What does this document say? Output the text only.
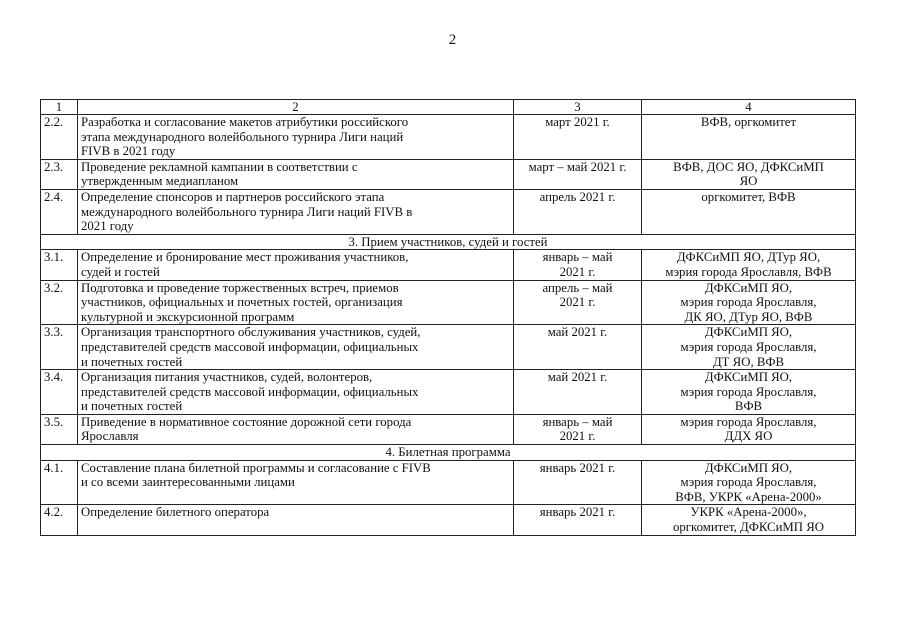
2
1	2	3	4
2.2.	Разработка и согласование макетов атрибутики российского
этапа международного волейбольного турнира Лиги наций
FIVB в 2021 году	март 2021 г.	ВФВ, оргкомитет
2.3.	Проведение рекламной кампании в соответствии с
утвержденным медиапланом	март – май 2021 г.	ВФВ, ДОС ЯО, ДФКСиМП
ЯО
2.4.	Определение спонсоров и партнеров российского этапа
международного волейбольного турнира Лиги наций FIVB в
2021 году	апрель 2021 г.	оргкомитет, ВФВ
3. Прием участников, судей и гостей			
3.1.	Определение и бронирование мест проживания участников,
судей и гостей	январь – май
2021 г.	ДФКСиМП ЯО, ДТур ЯО,
мэрия города Ярославля, ВФВ
3.2.	Подготовка и проведение торжественных встреч, приемов
участников, официальных и почетных гостей, организация
культурной и экскурсионной программ	апрель – май
2021 г.	ДФКСиМП ЯО,
мэрия города Ярославля,
ДК ЯО, ДТур ЯО, ВФВ
3.3.	Организация транспортного обслуживания участников, судей,
представителей средств массовой информации, официальных
и почетных гостей	май 2021 г.	ДФКСиМП ЯО,
мэрия города Ярославля,
ДТ ЯО, ВФВ
3.4.	Организация питания участников, судей, волонтеров,
представителей средств массовой информации, официальных
и почетных гостей	май 2021 г.	ДФКСиМП ЯО,
мэрия города Ярославля,
ВФВ
3.5.	Приведение в нормативное состояние дорожной сети города
Ярославля	январь – май
2021 г.	мэрия города Ярославля,
ДДХ ЯО
4. Билетная программа			
4.1.	Составление плана билетной программы и согласование с FIVB
и со всеми заинтересованными лицами	январь 2021 г.	ДФКСиМП ЯО,
мэрия города Ярославля,
ВФВ, УКРК «Арена-2000»
4.2.	Определение билетного оператора	январь 2021 г.	УКРК «Арена-2000»,
оргкомитет, ДФКСиМП ЯО
